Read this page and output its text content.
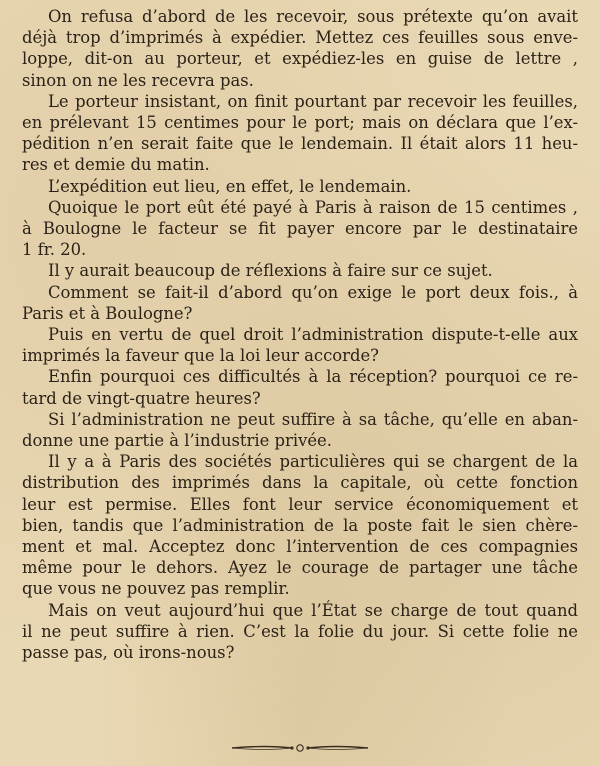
On refusa d’abord de les recevoir, sous prétexte qu’on avait
déjà trop d’imprimés à expédier. Mettez ces feuilles sous enve-
loppe, dit-on au porteur, et expédiez-les en guise de lettre ,
sinon on ne les recevra pas.

Le porteur insistant, on finit pourtant par recevoir les feuilles,
en prélevant 15 centimes pour le port; mais on déclara que l’ex-
pédition n’en serait faite que le lendemain. Il était alors 11 heu-
res et demie du matin.

L’expédition eut lieu, en effet, le lendemain.

Quoique le port eût été payé à Paris à raison de 15 centimes ,
à Boulogne le facteur se fit payer encore par le destinataire
1 fr. 20.

Il y aurait beaucoup de réflexions à faire sur ce sujet.

Comment se fait-il d’abord qu’on exige le port deux fois., à
Paris et à Boulogne?

Puis en vertu de quel droit l’administration dispute-t-elle aux
imprimés la faveur que la loi leur accorde?

Enfin pourquoi ces difficultés à la réception? pourquoi ce re-
tard de vingt-quatre heures?

Si l’administration ne peut suffire à sa tâche, qu’elle en aban-
donne une partie à l’industrie privée.

Il y a à Paris des sociétés particulières qui se chargent de la
distribution des imprimés dans la capitale, où cette fonction
leur est permise. Elles font leur service économiquement et
bien, tandis que l’administration de la poste fait le sien chère-
ment et mal. Acceptez donc l’intervention de ces compagnies
même pour le dehors. Ayez le courage de partager une tâche
que vous ne pouvez pas remplir.

Mais on veut aujourd’hui que l’État se charge de tout quand
il ne peut suffire à rien. C’est la folie du jour. Si cette folie ne
passe pas, où irons-nous?
